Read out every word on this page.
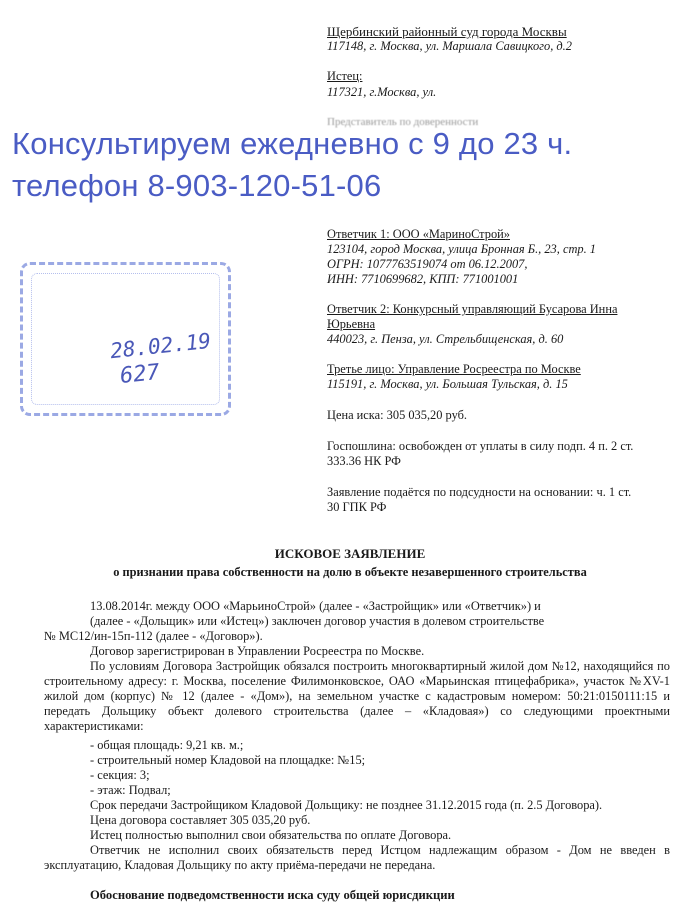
Щербинский районный суд города Москвы
117148, г. Москва, ул. Маршала Савицкого, д.2
Истец:
117321, г.Москва, ул.
Представитель по доверенности
Консультируем ежедневно с 9 до 23 ч.
телефон 8-903-120-51-06
Ответчик 1: ООО «МариноСтрой»
123104, город Москва, улица Бронная Б., 23, стр. 1
ОГРН: 1077763519074 от 06.12.2007,
ИНН: 7710699682, КПП: 771001001
Ответчик 2: Конкурсный управляющий Бусарова Инна
Юрьевна
440023, г. Пенза, ул. Стрельбищенская, д. 60
Третье лицо: Управление Росреестра по Москве
115191, г. Москва, ул. Большая Тульская, д. 15
Цена иска: 305 035,20 руб.
Госпошлина: освобожден от уплаты в силу подп. 4 п. 2 ст.
333.36 НК РФ
Заявление подаётся по подсудности на основании: ч. 1 ст.
30 ГПК РФ
28.02.19
627
ИСКОВОЕ ЗАЯВЛЕНИЕ
о признании права собственности на долю в объекте незавершенного строительства
13.08.2014г. между ООО «МарьиноСтрой» (далее - «Застройщик» или «Ответчик») и
(далее - «Дольщик» или «Истец») заключен договор участия в долевом строительстве
№ МС12/ин-15п-112 (далее - «Договор»).
Договор зарегистрирован в Управлении Росреестра по Москве.
По условиям Договора Застройщик обязался построить многоквартирный жилой дом №12, находящийся по строительному адресу: г. Москва, поселение Филимонковское, ОАО «Марьинская птицефабрика», участок №XV-1 жилой дом (корпус) № 12 (далее - «Дом»), на земельном участке с кадастровым номером: 50:21:0150111:15 и передать Дольщику объект долевого строительства (далее – «Кладовая») со следующими проектными характеристиками:
- общая площадь: 9,21 кв. м.;
- строительный номер Кладовой на площадке: №15;
- секция: 3;
- этаж: Подвал;
Срок передачи Застройщиком Кладовой Дольщику: не позднее 31.12.2015 года (п. 2.5 Договора).
Цена договора составляет 305 035,20 руб.
Истец полностью выполнил свои обязательства по оплате Договора.
Ответчик не исполнил своих обязательств перед Истцом надлежащим образом - Дом не введен в эксплуатацию, Кладовая Дольщику по акту приёма-передачи не передана.
Обоснование подведомственности иска суду общей юрисдикции
